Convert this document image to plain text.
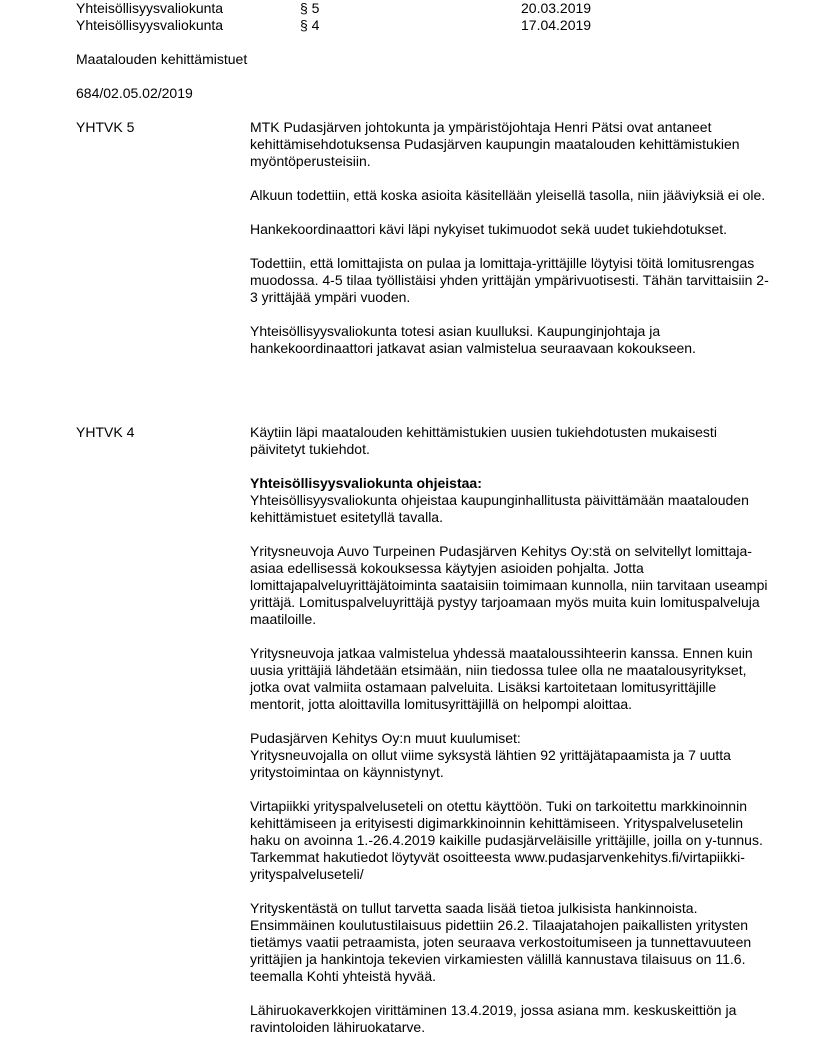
Yhteisöllisyysvaliokunta	§ 5	20.03.2019
Yhteisöllisyysvaliokunta	§ 4	17.04.2019
Maatalouden kehittämistuet
684/02.05.02/2019
YHTVK 5	MTK Pudasjärven johtokunta ja ympäristöjohtaja Henri Pätsi ovat antaneet kehittämisehdotuksensa Pudasjärven kaupungin maatalouden kehittämistukien myöntöperusteisiin.

Alkuun todettiin, että koska asioita käsitellään yleisellä tasolla, niin jääviyksiä ei ole.

Hankekoordinaattori kävi läpi nykyiset tukimuodot sekä uudet tukiehdotukset.

Todettiin, että lomittajista on pulaa ja lomittaja-yrittäjille löytyisi töitä lomitusrengas muodossa. 4-5 tilaa työllistäisi yhden yrittäjän ympärivuotisesti. Tähän tarvittaisiin 2-3 yrittäjää ympäri vuoden.

Yhteisöllisyysvaliokunta totesi asian kuulluksi. Kaupunginjohtaja ja hankekoordinaattori jatkavat asian valmistelua seuraavaan kokoukseen.

YHTVK 4	Käytiin läpi maatalouden kehittämistukien uusien tukiehdotusten mukaisesti päivitetyt tukiehdot.

Yhteisöllisyysvaliokunta ohjeistaa:
Yhteisöllisyysvaliokunta ohjeistaa kaupunginhallitusta päivittämään maatalouden kehittämistuet esitetyllä tavalla.

Yritysneuvoja Auvo Turpeinen Pudasjärven Kehitys Oy:stä on selvitellyt lomittaja-asiaa edellisessä kokouksessa käytyjen asioiden pohjalta. Jotta lomittajapalveluyrittäjätoiminta saataisiin toimimaan kunnolla, niin tarvitaan useampi yrittäjä. Lomituspalveluyrittäjä pystyy tarjoamaan myös muita kuin lomituspalveluja maatiloille.

Yritysneuvoja jatkaa valmistelua yhdessä maataloussihteerin kanssa. Ennen kuin uusia yrittäjiä lähdetään etsimään, niin tiedossa tulee olla ne maatalousyritykset, jotka ovat valmiita ostamaan palveluita. Lisäksi kartoitetaan lomitusyrittäjille mentorit, jotta aloittavilla lomitusyrittäjillä on helpompi aloittaa.

Pudasjärven Kehitys Oy:n muut kuulumiset:
Yritysneuvojalla on ollut viime syksystä lähtien 92 yrittäjätapaamista ja 7 uutta yritystoimintaa on käynnistynyt.

Virtapiikki yrityspalveluseteli on otettu käyttöön. Tuki on tarkoitettu markkinoinnin kehittämiseen ja erityisesti digimarkkinoinnin kehittämiseen. Yrityspalvelusetelin haku on avoinna 1.-26.4.2019 kaikille pudasjärveläisille yrittäjille, joilla on y-tunnus. Tarkemmat hakutiedot löytyvät osoitteesta www.pudasjarvenkehitys.fi/virtapiikki-yrityspalveluseteli/

Yrityskentästä on tullut tarvetta saada lisää tietoa julkisista hankinnoista. Ensimmäinen koulutustilaisuus pidettiin 26.2. Tilaajatahojen paikallisten yritysten tietämys vaatii petraamista, joten seuraava verkostoitumiseen ja tunnettavuuteen yrittäjien ja hankintoja tekevien virkamiesten välillä kannustava tilaisuus on 11.6. teemalla Kohti yhteistä hyvää.

Lähiruokaverkkojen virittäminen 13.4.2019, jossa asiana mm. keskuskeittiön ja ravintoloiden lähiruokatarve.
